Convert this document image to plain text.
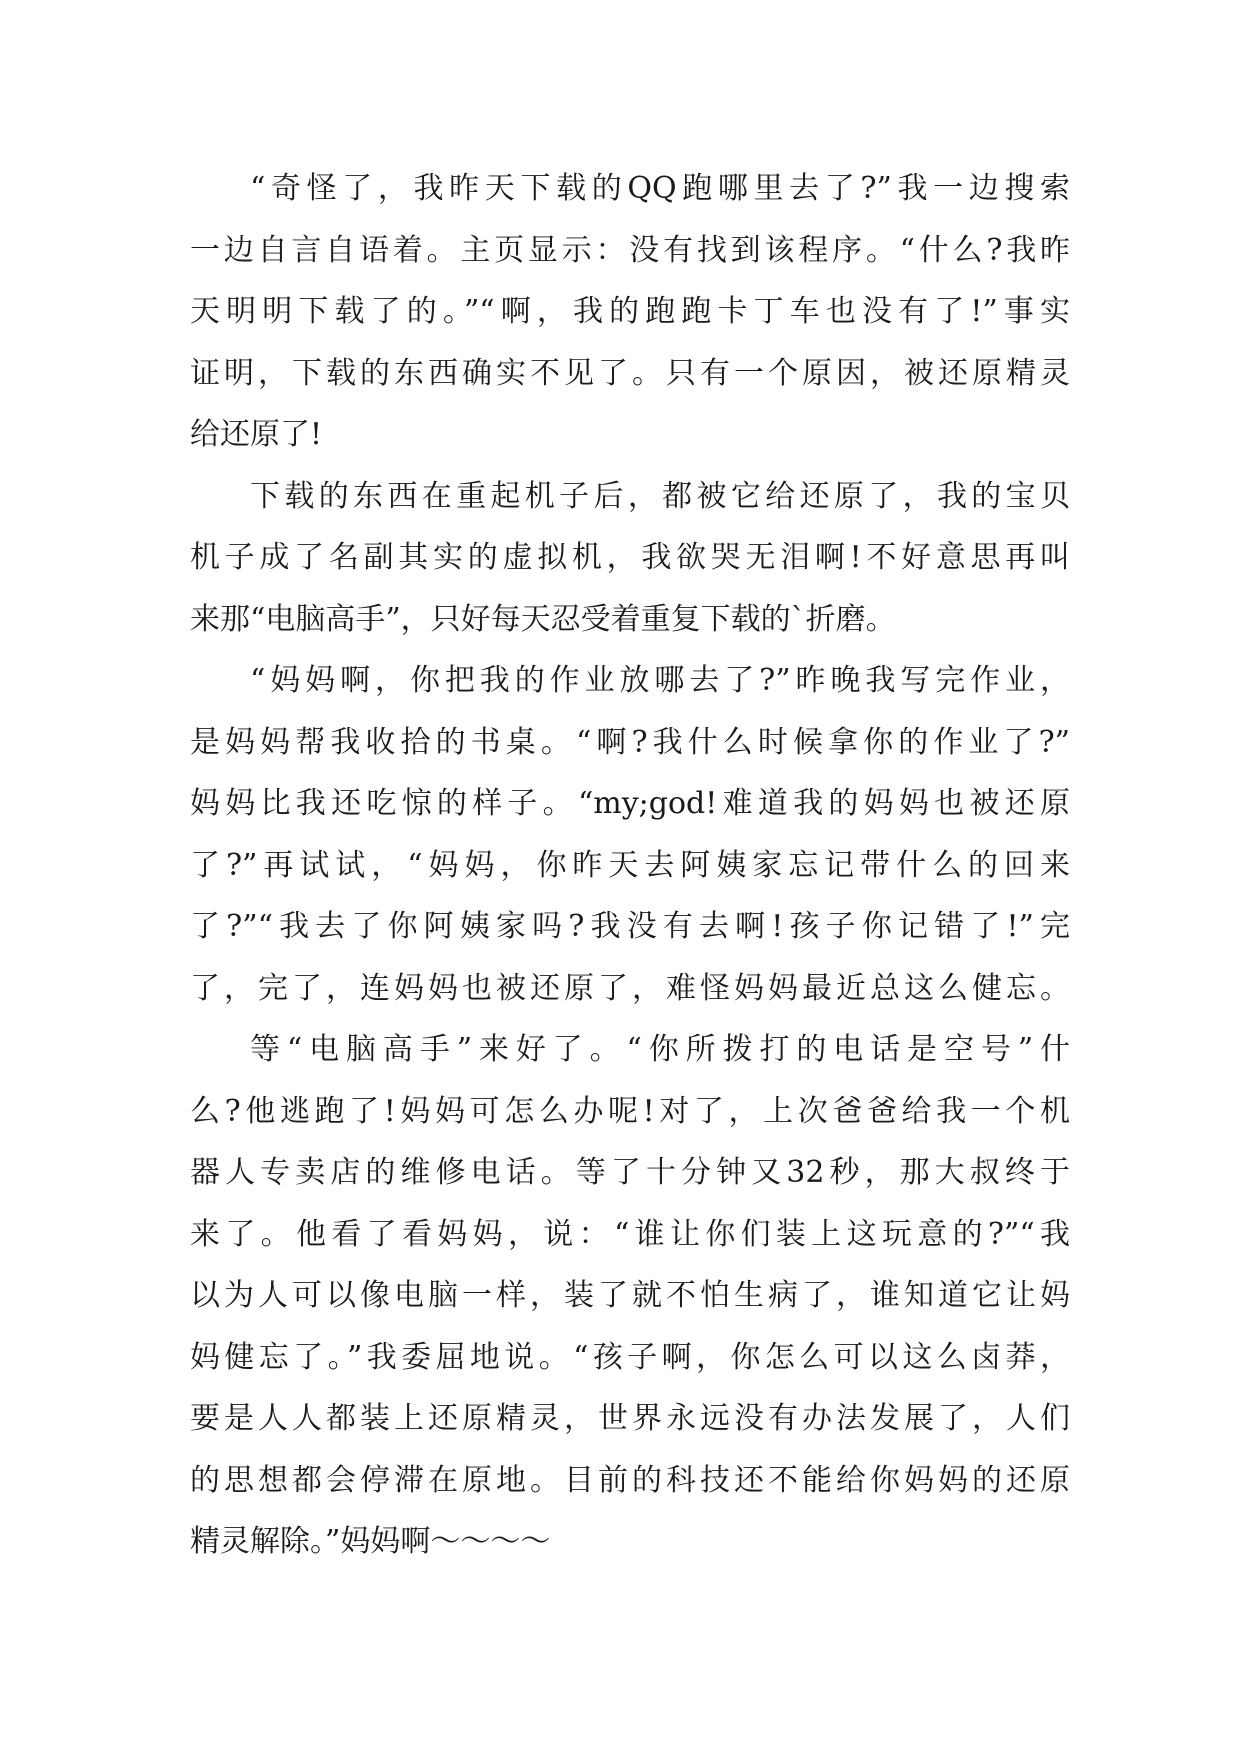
“奇怪了，我昨天下载的QQ跑哪里去了?”我一边搜索
一边自言自语着。主页显示：没有找到该程序。“什么?我昨
天明明下载了的。”“啊，我的跑跑卡丁车也没有了!”事实
证明，下载的东西确实不见了。只有一个原因，被还原精灵
给还原了!
下载的东西在重起机子后，都被它给还原了，我的宝贝
机子成了名副其实的虚拟机，我欲哭无泪啊!不好意思再叫
来那“电脑高手”，只好每天忍受着重复下载的`折磨。
“妈妈啊，你把我的作业放哪去了?”昨晚我写完作业，
是妈妈帮我收拾的书桌。“啊?我什么时候拿你的作业了?”
妈妈比我还吃惊的样子。“my;god!难道我的妈妈也被还原
了?”再试试，“妈妈，你昨天去阿姨家忘记带什么的回来
了?”“我去了你阿姨家吗?我没有去啊!孩子你记错了!”完
了，完了，连妈妈也被还原了，难怪妈妈最近总这么健忘。
等“电脑高手”来好了。“你所拨打的电话是空号”什
么?他逃跑了!妈妈可怎么办呢!对了，上次爸爸给我一个机
器人专卖店的维修电话。等了十分钟又32秒，那大叔终于
来了。他看了看妈妈，说：“谁让你们装上这玩意的?”“我
以为人可以像电脑一样，装了就不怕生病了，谁知道它让妈
妈健忘了。”我委屈地说。“孩子啊，你怎么可以这么卤莽，
要是人人都装上还原精灵，世界永远没有办法发展了，人们
的思想都会停滞在原地。目前的科技还不能给你妈妈的还原
精灵解除。”妈妈啊～～～～
